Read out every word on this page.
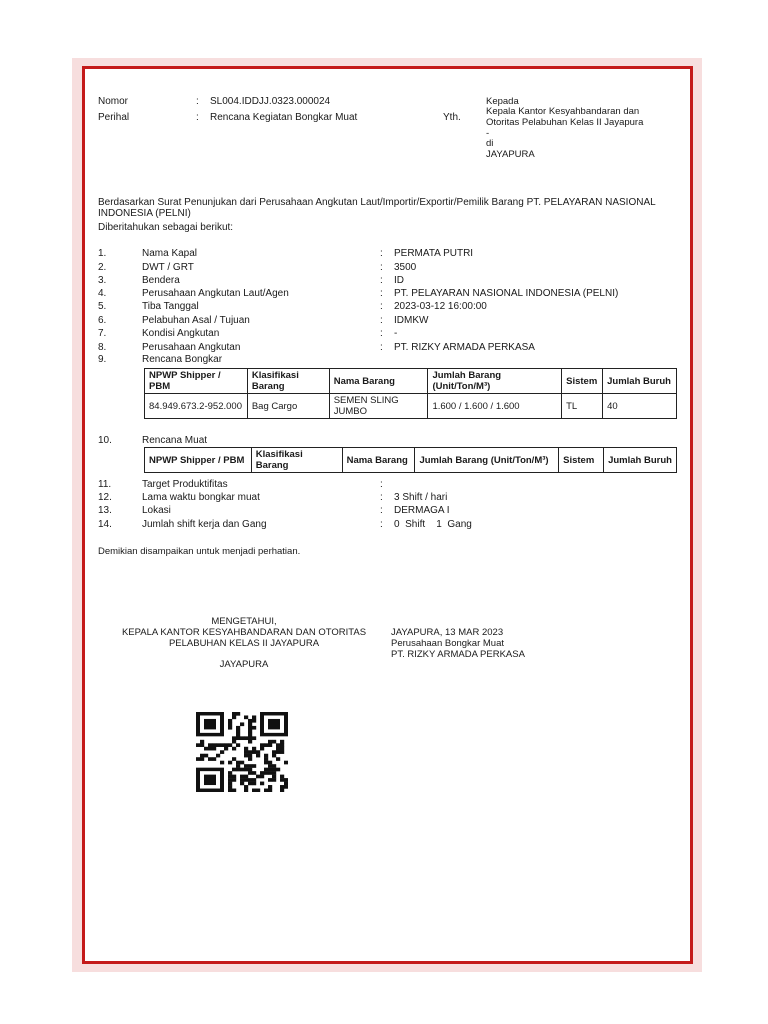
Nomor	: SL004.IDDJJ.0323.000024
Perihal	: Rencana Kegiatan Bongkar Muat	Yth.
Kepada
Kepala Kantor Kesyahbandaran dan
Otoritas Pelabuhan Kelas II Jayapura
-
di
JAYAPURA
Berdasarkan Surat Penunjukan dari Perusahaan Angkutan Laut/Importir/Exportir/Pemilik Barang PT. PELAYARAN NASIONAL
INDONESIA (PELNI)
Diberitahukan sebagai berikut:
1.	Nama Kapal	: PERMATA PUTRI
2.	DWT / GRT	: 3500
3.	Bendera	: ID
4.	Perusahaan Angkutan Laut/Agen	: PT. PELAYARAN NASIONAL INDONESIA (PELNI)
5.	Tiba Tanggal	: 2023-03-12 16:00:00
6.	Pelabuhan Asal / Tujuan	: IDMKW
7.	Kondisi Angkutan	: -
8.	Perusahaan Angkutan	: PT. RIZKY ARMADA PERKASA
9.	Rencana Bongkar
NPWP Shipper / PBM	Klasifikasi Barang	Nama Barang	Jumlah Barang (Unit/Ton/M³)	Sistem	Jumlah Buruh
84.949.673.2-952.000	Bag Cargo	SEMEN SLING JUMBO	1.600 / 1.600 / 1.600	TL	40
10.	Rencana Muat
NPWP Shipper / PBM	Klasifikasi Barang	Nama Barang	Jumlah Barang (Unit/Ton/M³)	Sistem	Jumlah Buruh
11.	Target Produktifitas	:
12.	Lama waktu bongkar muat	: 3 Shift / hari
13.	Lokasi	: DERMAGA I
14.	Jumlah shift kerja dan Gang	: 0  Shift    1  Gang
Demikian disampaikan untuk menjadi perhatian.
MENGETAHUI,
KEPALA KANTOR KESYAHBANDARAN DAN OTORITAS
PELABUHAN KELAS II JAYAPURA
JAYAPURA
JAYAPURA, 13 MAR 2023
Perusahaan Bongkar Muat
PT. RIZKY ARMADA PERKASA
